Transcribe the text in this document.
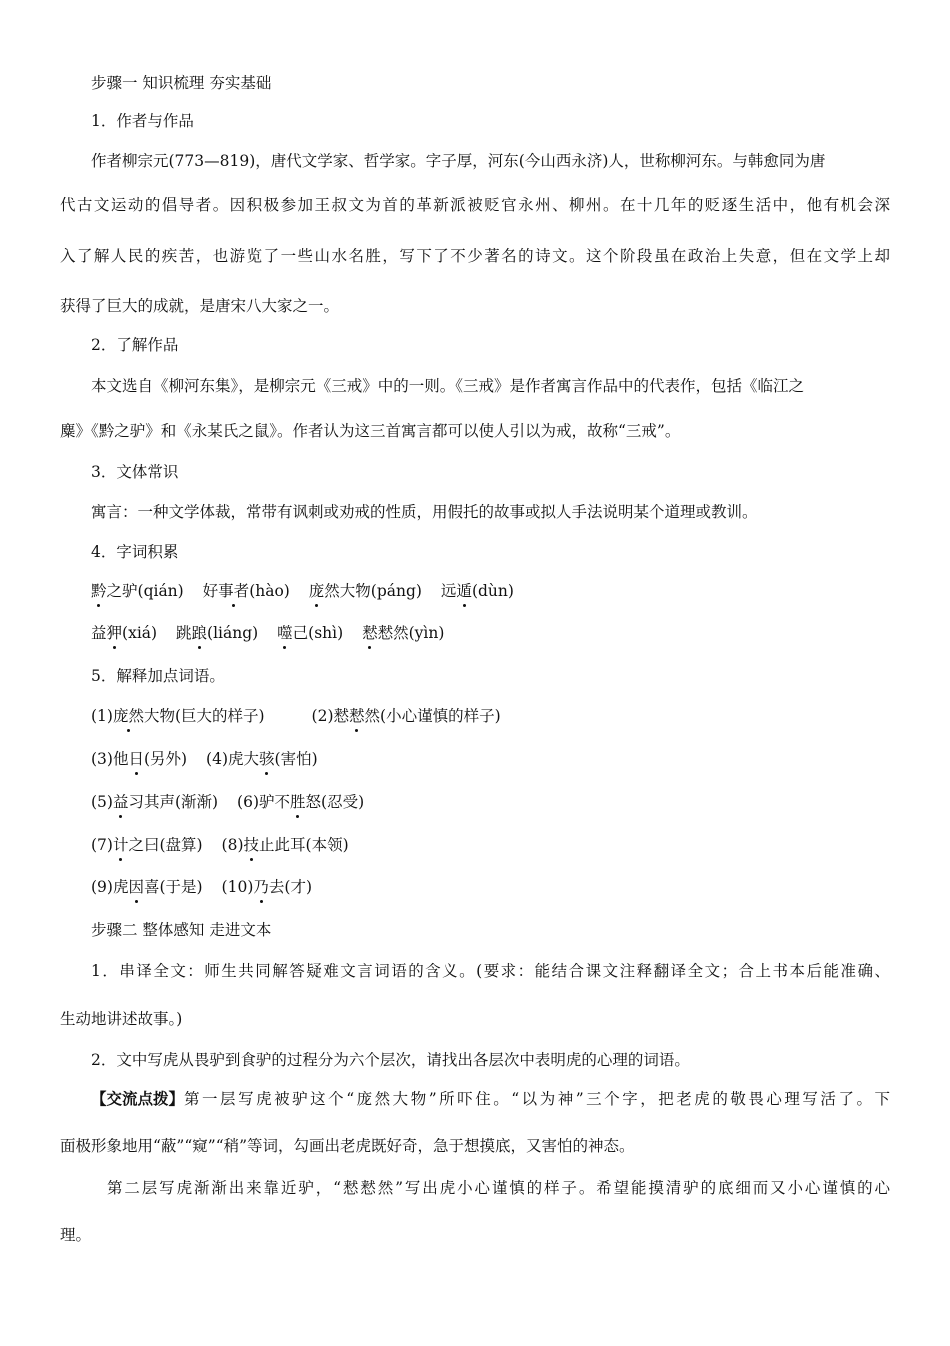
步骤一 知识梳理 夯实基础
1．作者与作品
作者柳宗元(773—819)，唐代文学家、哲学家。字子厚，河东(今山西永济)人，世称柳河东。与韩愈同为唐
代古文运动的倡导者。因积极参加王叔文为首的革新派被贬官永州、柳州。在十几年的贬逐生活中，他有机会深
入了解人民的疾苦，也游览了一些山水名胜，写下了不少著名的诗文。这个阶段虽在政治上失意，但在文学上却
获得了巨大的成就，是唐宋八大家之一。
2．了解作品
本文选自《柳河东集》，是柳宗元《三戒》中的一则。《三戒》是作者寓言作品中的代表作，包括《临江之
麋》《黔之驴》和《永某氏之鼠》。作者认为这三首寓言都可以使人引以为戒，故称“三戒”。
3．文体常识
寓言：一种文学体裁，常带有讽刺或劝戒的性质，用假托的故事或拟人手法说明某个道理或教训。
4．字词积累
黔之驴(qián) 好事者(hào) 庞然大物(páng) 远遁(dùn)
益狎(xiá) 跳踉(liáng) 噬己(shì) 慭慭然(yìn)
5．解释加点词语。
(1)庞然大物(巨大的样子)	(2)慭慭然(小心谨慎的样子)
(3)他日(另外) (4)虎大骇(害怕)
(5)益习其声(渐渐) (6)驴不胜怒(忍受)
(7)计之曰(盘算) (8)技止此耳(本领)
(9)虎因喜(于是) (10)乃去(才)
步骤二 整体感知 走进文本
1．串译全文：师生共同解答疑难文言词语的含义。(要求：能结合课文注释翻译全文；合上书本后能准确、
生动地讲述故事。)
2．文中写虎从畏驴到食驴的过程分为六个层次，请找出各层次中表明虎的心理的词语。
【交流点拨】 第一层写虎被驴这个“庞然大物”所吓住。“以为神”三个字，把老虎的敬畏心理写活了。下
面极形象地用“蔽”“窥”“稍”等词，勾画出老虎既好奇，急于想摸底，又害怕的神态。
第二层写虎渐渐出来靠近驴，“慭慭然”写出虎小心谨慎的样子。希望能摸清驴的底细而又小心谨慎的心
理。
